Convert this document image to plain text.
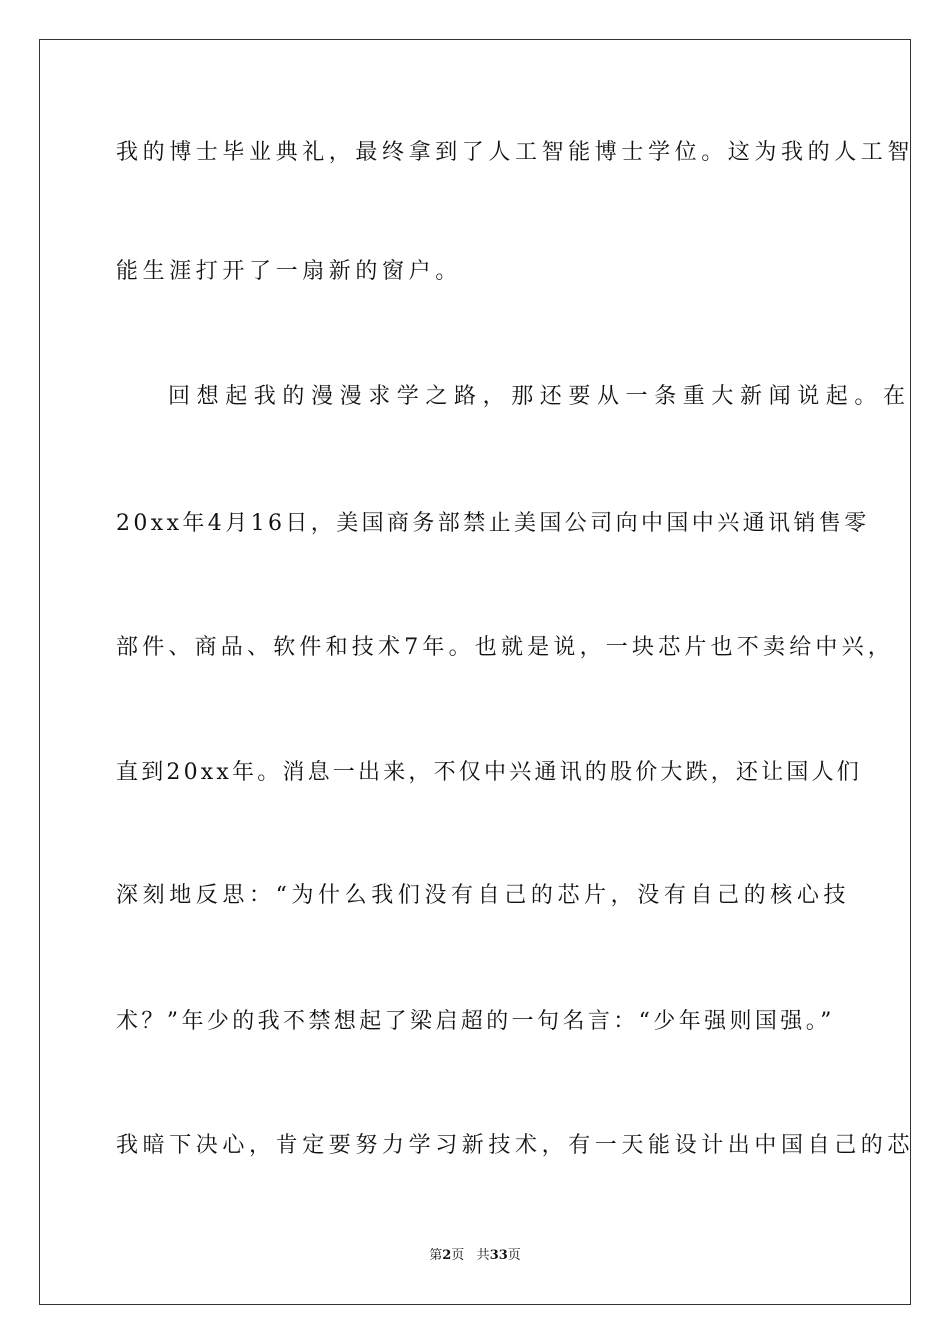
我的博士毕业典礼，最终拿到了人工智能博士学位。这为我的人工智

能生涯打开了一扇新的窗户。

回想起我的漫漫求学之路，那还要从一条重大新闻说起。在

20xx年4月16日，美国商务部禁止美国公司向中国中兴通讯销售零

部件、商品、软件和技术7年。也就是说，一块芯片也不卖给中兴，

直到20xx年。消息一出来，不仅中兴通讯的股价大跌，还让国人们

深刻地反思：“为什么我们没有自己的芯片，没有自己的核心技

术？”年少的我不禁想起了梁启超的一句名言：“少年强则国强。”

我暗下决心，肯定要努力学习新技术，有一天能设计出中国自己的芯

第2页 共33页
